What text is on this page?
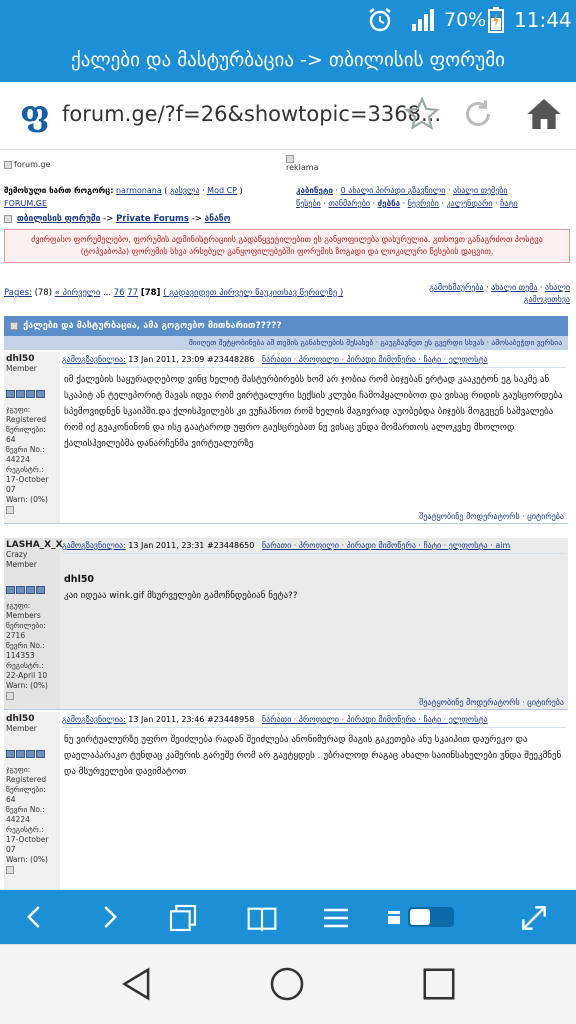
70% 11:44
ქალები და მასტურბაცია -> თბილისის ფორუმი
ფ forum.ge/?f=26&showtopic=3368...
forum.ge	reklama
შემოსული ხართ როგორც: narmonana ( გასვლა · Mod CP )
FORUM.GE
კაბინეტი · 0 ახალი პირადი გზავნილი · ახალი თემები
წესები · თანმარები · ძებნა · ნევრები · კალენდარი · ჩატი
თბილისის ფორუმი -> Private Forums -> ანანო
ძვირფასო ფორუმელებო, ფორუმის ადმინისტრაციის გადაწყვეტილებით ეს განყოფილება დახურულია. გთხოვთ განაგრძოთ პოსტვა (ტოპვაბოპა) ფორუმის სხვა არსებულ განყოფილებებში ფორუმის ზოგადი და ლოკალური წესების დაცვით.
Pages: (78) « პირველი ... 76 77 [78] ( გადავიდეთ პირველ წაუკითხავ წერილზე )
გამოხმაურება · ახალი თემა · ახალი გამოკითხვა
ქალები და მასტურბაცია, ამა გოგოებო მითხარით?????
მიიღეთ შეტყობინება ამ თემის განახლების შესახებ · გაუგზავნეთ ეს გვერდი სხვას · ამოსაბეჭდი ვერსია
dhl50
Member
ჯგუფი:
Registered
წერილები:
64
წევრი No.:
44224
რეგისტრ.:
17-October 07
Warn: (0%)
გამოგზავნილია: 13 Jan 2011, 23:09 #23448286 ნარათი · პროფილი · პირადი მიმოწერა · ჩატი · ელფოსტა
იმ ქალების საყურადღებოდ ვინც ხელიტ მასტურბირებს ხომ არ ჯობია რომ ბიჯებან ერტად კააკეტონ ეგ საკმე ან სკაპიტ ან ტელეპორიტ მავას იდეა რომ ვირტუალური სექსის კლუბი ჩამოჰყალიბოთ და ვისაც რიდის გაუსცორდება სპემოვიდნენ სკაიპში.და ქლისჰვილებს კი ვუჩაპნოთ რომ ხელის მაგივრად აუობებდა ბიჯებს მოგვცენ საშვალება რომ იქ გვაკონინონ და ისე გაატაროდ უფრო გაუსცრებათ ნუ ვისაც უნდა მომართოს ალოკვხე მხოლოდ ქალისჰვილებმა დანარჩენმა ვირტუალურზე
შეატყობინე მოდერატორს · ციტირება
LASHA_X_X
Crazy Member
ჯგუფი:
Members
წერილები:
2716
წევრი No.:
114353
რეგისტრ.:
22-April 10
Warn: (0%)
გამოგზავნილია: 13 Jan 2011, 23:31 #23448650 ნარათი · პროფილი · პირადი მიმოწერა · ჩატი · ელფოსტა · aim
dhl50
კაი იდეაა wink.gif მსურველები გამოჩნდებიან ნეტა??
შეატყობინე მოდერატორს · ციტირება
dhl50
Member
ჯგუფი:
Registered
წერილები:
64
წევრი No.:
44224
რეგისტრ.:
17-October 07
Warn: (0%)
გამოგზავნილია: 13 Jan 2011, 23:46 #23448958 ნარათი · პროფილი · პირადი მიმოწერა · ჩატი · ელფოსტა
ნუ ვირტუალურზე უფრო შეიძლება რადან შეიძლება ანონიმურად მაგის გაკეთება ანუ სკაიპით დაურეკო და დაელაპარაკო ტუნდაც კამერის გარეშე რომ არ გაუტყდეს . უბრალოდ რაგაც ახალი საიინსახელები უნდა შეეკმნენ და მსურველები დავიმატოთ
